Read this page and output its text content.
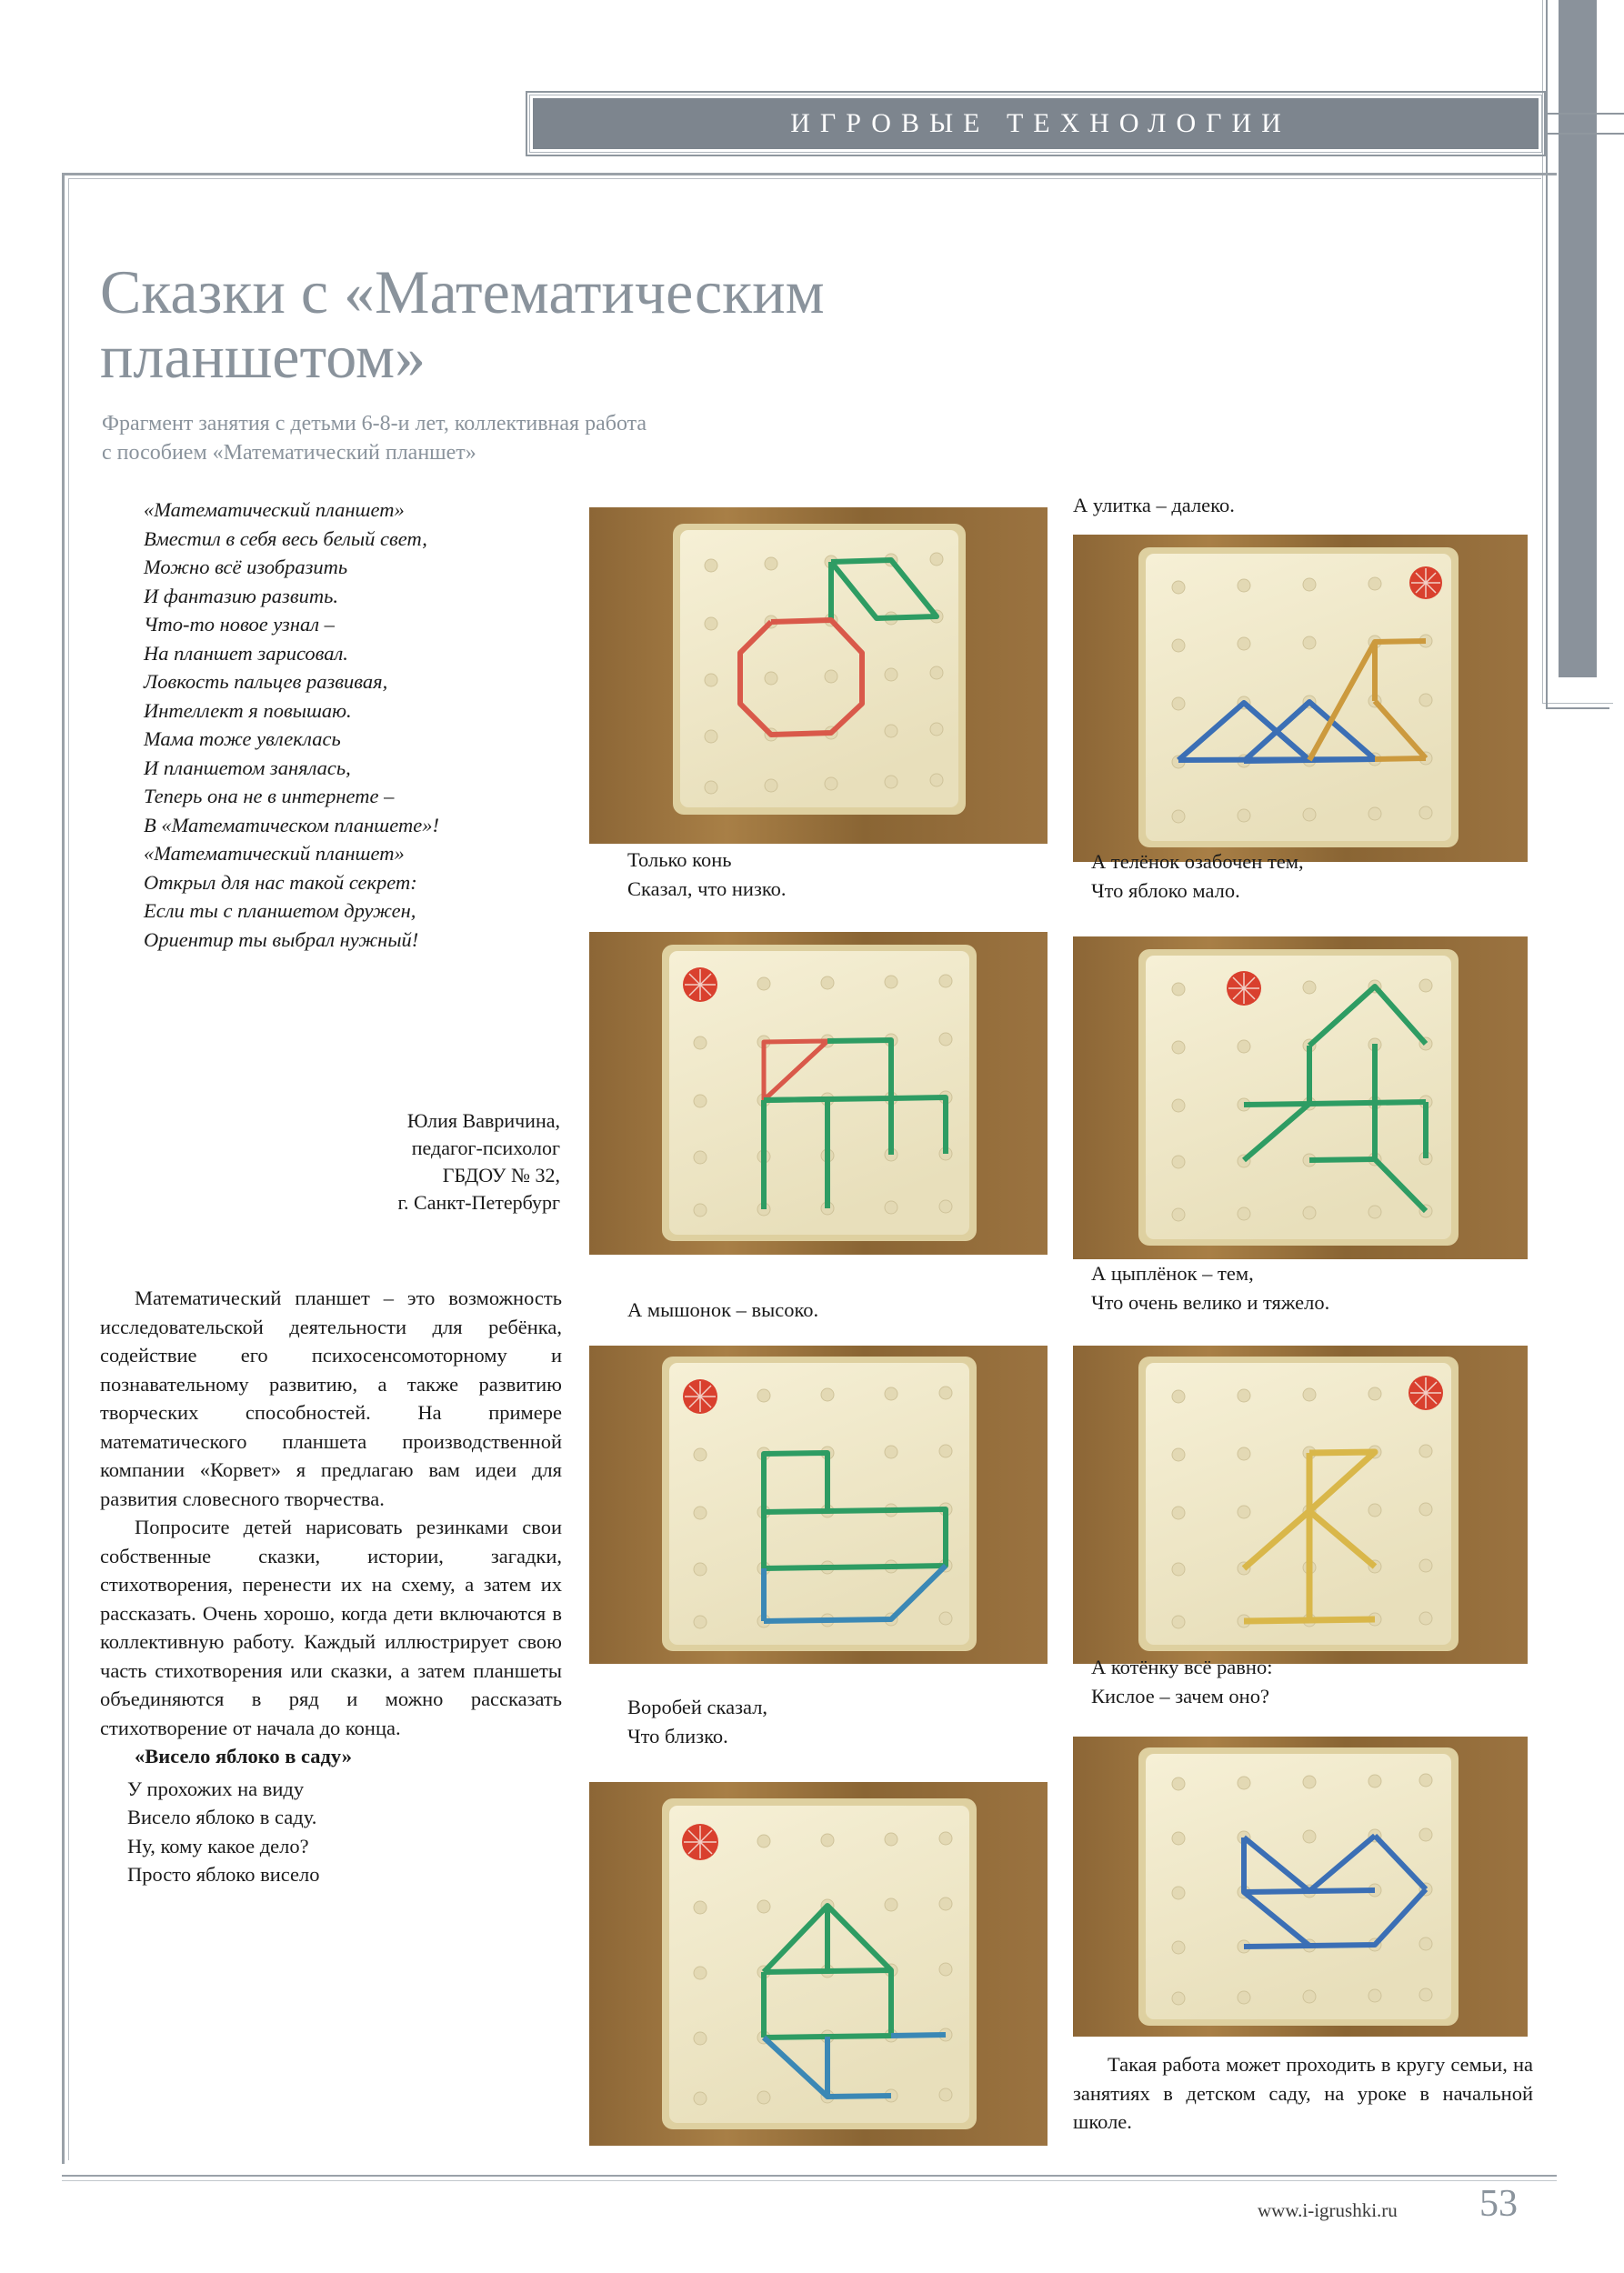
ИГРОВЫЕ ТЕХНОЛОГИИ
Сказки с «Математическим
планшетом»
Фрагмент занятия с детьми 6-8-и лет, коллективная работа
с пособием «Математический планшет»
«Математический планшет»
Вместил в себя весь белый свет,
Можно всё изобразить
И фантазию развить.
Что-то новое узнал –
На планшет зарисовал.
Ловкость пальцев развивая,
Интеллект я повышаю.
Мама тоже увлеклась
И планшетом занялась,
Теперь она не в интернете –
В «Математическом планшете»!
«Математический планшет»
Открыл для нас такой секрет:
Если ты с планшетом дружен,
Ориентир ты выбрал нужный!
Юлия Вавричина,
педагог-психолог
ГБДОУ № 32,
г. Санкт-Петербург

Математический планшет – это возможность исследовательской деятельности для ребёнка, содействие его психосенсомоторному и познавательному развитию, а также развитию творческих способностей. На примере математического планшета производственной компании «Корвет» я предлагаю вам идеи для развития словесного творчества.

Попросите детей нарисовать резинками свои собственные сказки, истории, загадки, стихотворения, перенести их на схему, а затем их рассказать. Очень хорошо, когда дети включаются в коллективную работу. Каждый иллюстрирует свою часть стихотворения или сказки, а затем планшеты объединяются в ряд и можно рассказать стихотворение от начала до конца.

«Висело яблоко в саду»

У прохожих на виду
Висело яблоко в саду.
Ну, кому какое дело?
Просто яблоко висело
А улитка – далеко.
Только конь
Сказал, что низко.
А телёнок озабочен тем,
Что яблоко мало.
А мышонок – высоко.
А цыплёнок – тем,
Что очень велико и тяжело.
Воробей сказал,
Что близко.
А котёнку всё равно:
Кислое – зачем оно?

Такая работа может проходить в кругу семьи, на занятиях в детском саду, на уроке в начальной школе.

www.i-igrushki.ru 53
